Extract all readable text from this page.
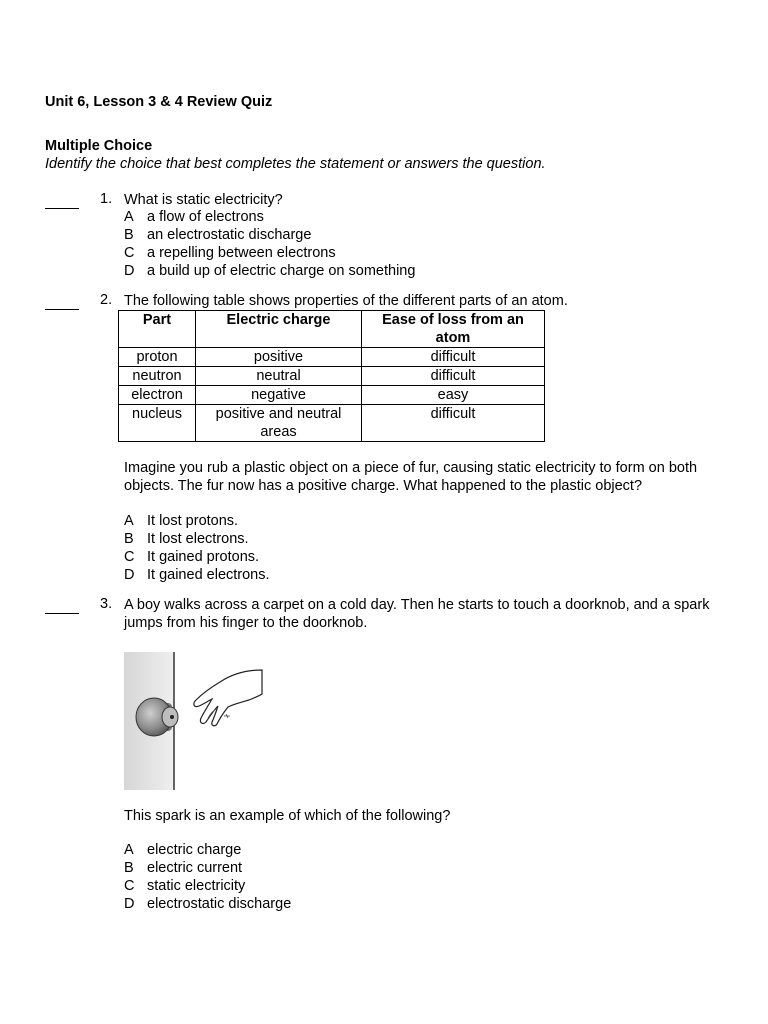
Unit 6, Lesson 3 & 4 Review Quiz
Multiple Choice
Identify the choice that best completes the statement or answers the question.
1. What is static electricity?
A a flow of electrons
B an electrostatic discharge
C a repelling between electrons
D a build up of electric charge on something
2. The following table shows properties of the different parts of an atom.
Part	Electric charge	Ease of loss from an atom
proton	positive	difficult
neutron	neutral	difficult
electron	negative	easy
nucleus	positive and neutral areas	difficult
Imagine you rub a plastic object on a piece of fur, causing static electricity to form on both objects. The fur now has a positive charge. What happened to the plastic object?
A It lost protons.
B It lost electrons.
C It gained protons.
D It gained electrons.
3. A boy walks across a carpet on a cold day. Then he starts to touch a doorknob, and a spark jumps from his finger to the doorknob.
This spark is an example of which of the following?
A electric charge
B electric current
C static electricity
D electrostatic discharge
